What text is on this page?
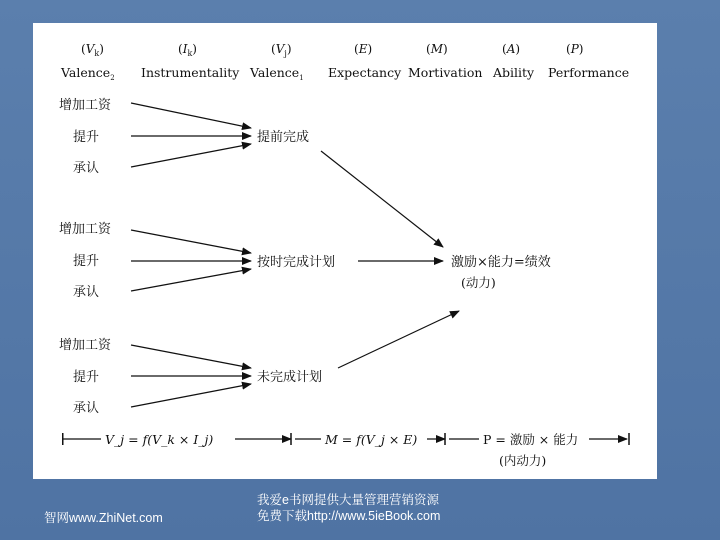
$(V_k)$	$(I_k)$	$(V_j)$	(E)	(M)	(A)	(P)
Valence$_2$ Instrumentality Valence$_1$ Expectancy Mortivation Ability Performance
增加工资
提升
承认
提前完成
增加工资
提升
承认
按时完成计划
增加工资
提升
承认
未完成计划
激励×能力=绩效
(动力)
V_j = f(V_k × I_j)	M = f(V_j × E)	P = 激励 × 能力
(内动力)
智网www.ZhiNet.com
我爱e书网提供大量管理营销资源
免费下载http://www.5ieBook.com
